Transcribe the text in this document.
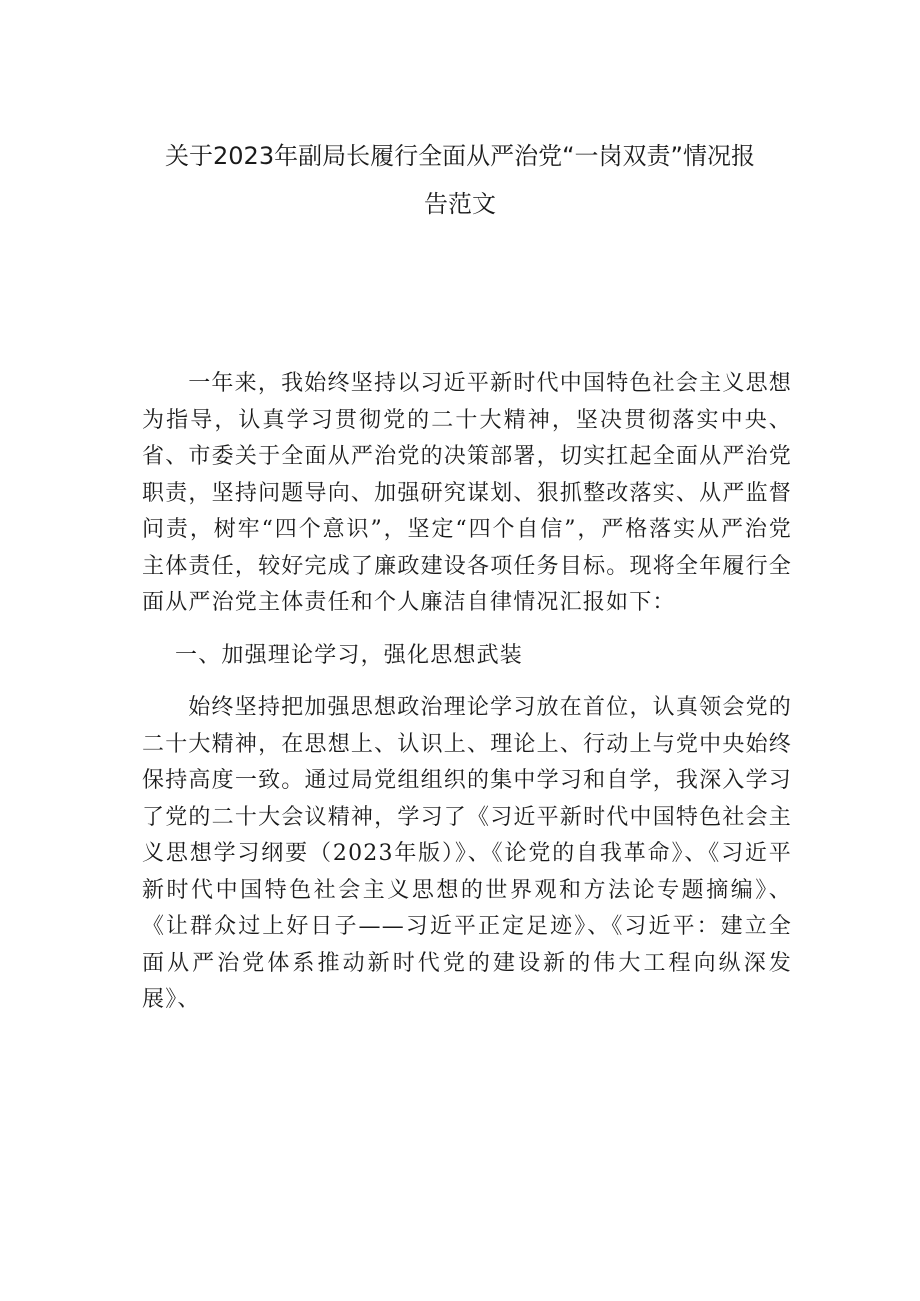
关于2023年副局长履行全面从严治党“一岗双责”情况报
告范文

一年来，我始终坚持以习近平新时代中国特色社会主义思想为指导，认真学习贯彻党的二十大精神，坚决贯彻落实中央、省、市委关于全面从严治党的决策部署，切实扛起全面从严治党职责，坚持问题导向、加强研究谋划、狠抓整改落实、从严监督问责，树牢“四个意识”，坚定“四个自信”，严格落实从严治党主体责任，较好完成了廉政建设各项任务目标。现将全年履行全面从严治党主体责任和个人廉洁自律情况汇报如下：

一、加强理论学习，强化思想武装

始终坚持把加强思想政治理论学习放在首位，认真领会党的二十大精神，在思想上、认识上、理论上、行动上与党中央始终保持高度一致。通过局党组组织的集中学习和自学，我深入学习了党的二十大会议精神，学习了《习近平新时代中国特色社会主义思想学习纲要（2023年版）》、《论党的自我革命》、《习近平新时代中国特色社会主义思想的世界观和方法论专题摘编》、《让群众过上好日子——习近平正定足迹》、《习近平：建立全面从严治党体系推动新时代党的建设新的伟大工程向纵深发展》、
